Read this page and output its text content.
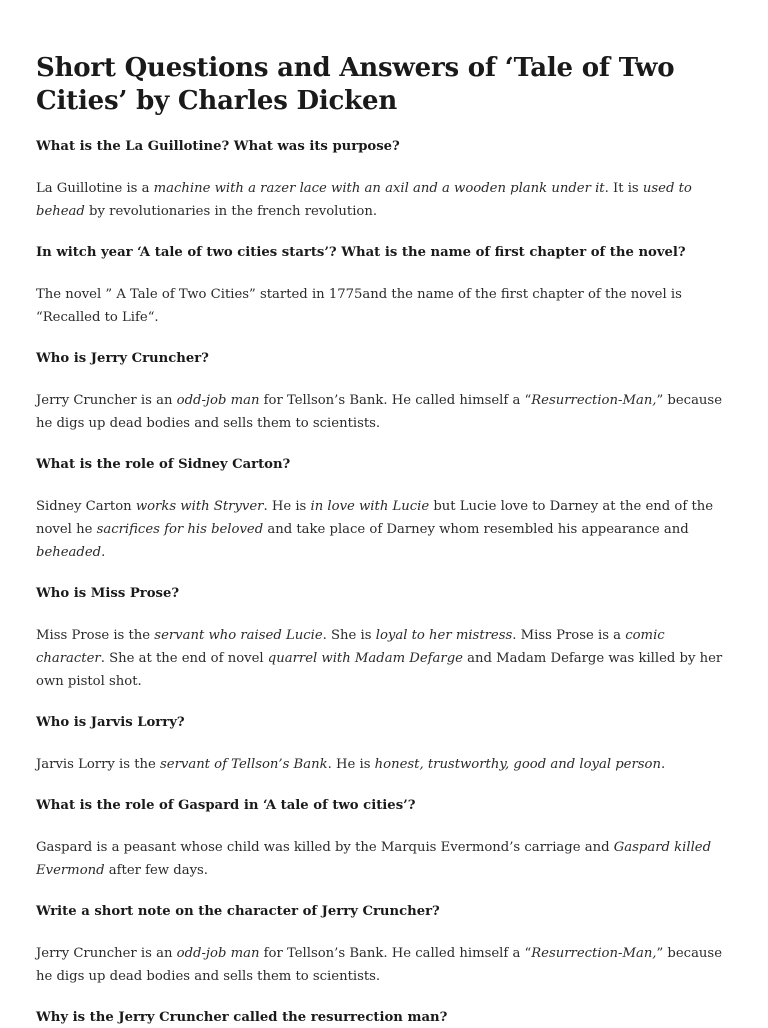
Short Questions and Answers of ‘Tale of Two Cities’ by Charles Dicken

What is the La Guillotine? What was its purpose?

La Guillotine is a machine with a razer lace with an axil and a wooden plank under it. It is used to behead by revolutionaries in the french revolution.

In witch year ‘A tale of two cities starts’? What is the name of first chapter of the novel?

The novel ” A Tale of Two Cities” started in 1775and the name of the first chapter of the novel is “Recalled to Life“.

Who is Jerry Cruncher?

Jerry Cruncher is an odd-job man for Tellson’s Bank. He called himself a “Resurrection-Man,” because he digs up dead bodies and sells them to scientists.

What is the role of Sidney Carton?

Sidney Carton works with Stryver. He is in love with Lucie but Lucie love to Darney at the end of the novel he sacrifices for his beloved and take place of Darney whom resembled his appearance and beheaded.

Who is Miss Prose?

Miss Prose is the servant who raised Lucie. She is loyal to her mistress. Miss Prose is a comic character. She at the end of novel quarrel with Madam Defarge and Madam Defarge was killed by her own pistol shot.

Who is Jarvis Lorry?

Jarvis Lorry is the servant of Tellson’s Bank. He is honest, trustworthy, good and loyal person.

What is the role of Gaspard in ‘A tale of two cities’?

Gaspard is a peasant whose child was killed by the Marquis Evermond’s carriage and Gaspard killed Evermond after few days.

Write a short note on the character of Jerry Cruncher?

Jerry Cruncher is an odd-job man for Tellson’s Bank. He called himself a “Resurrection-Man,” because he digs up dead bodies and sells them to scientists.

Why is the Jerry Cruncher called the resurrection man?
